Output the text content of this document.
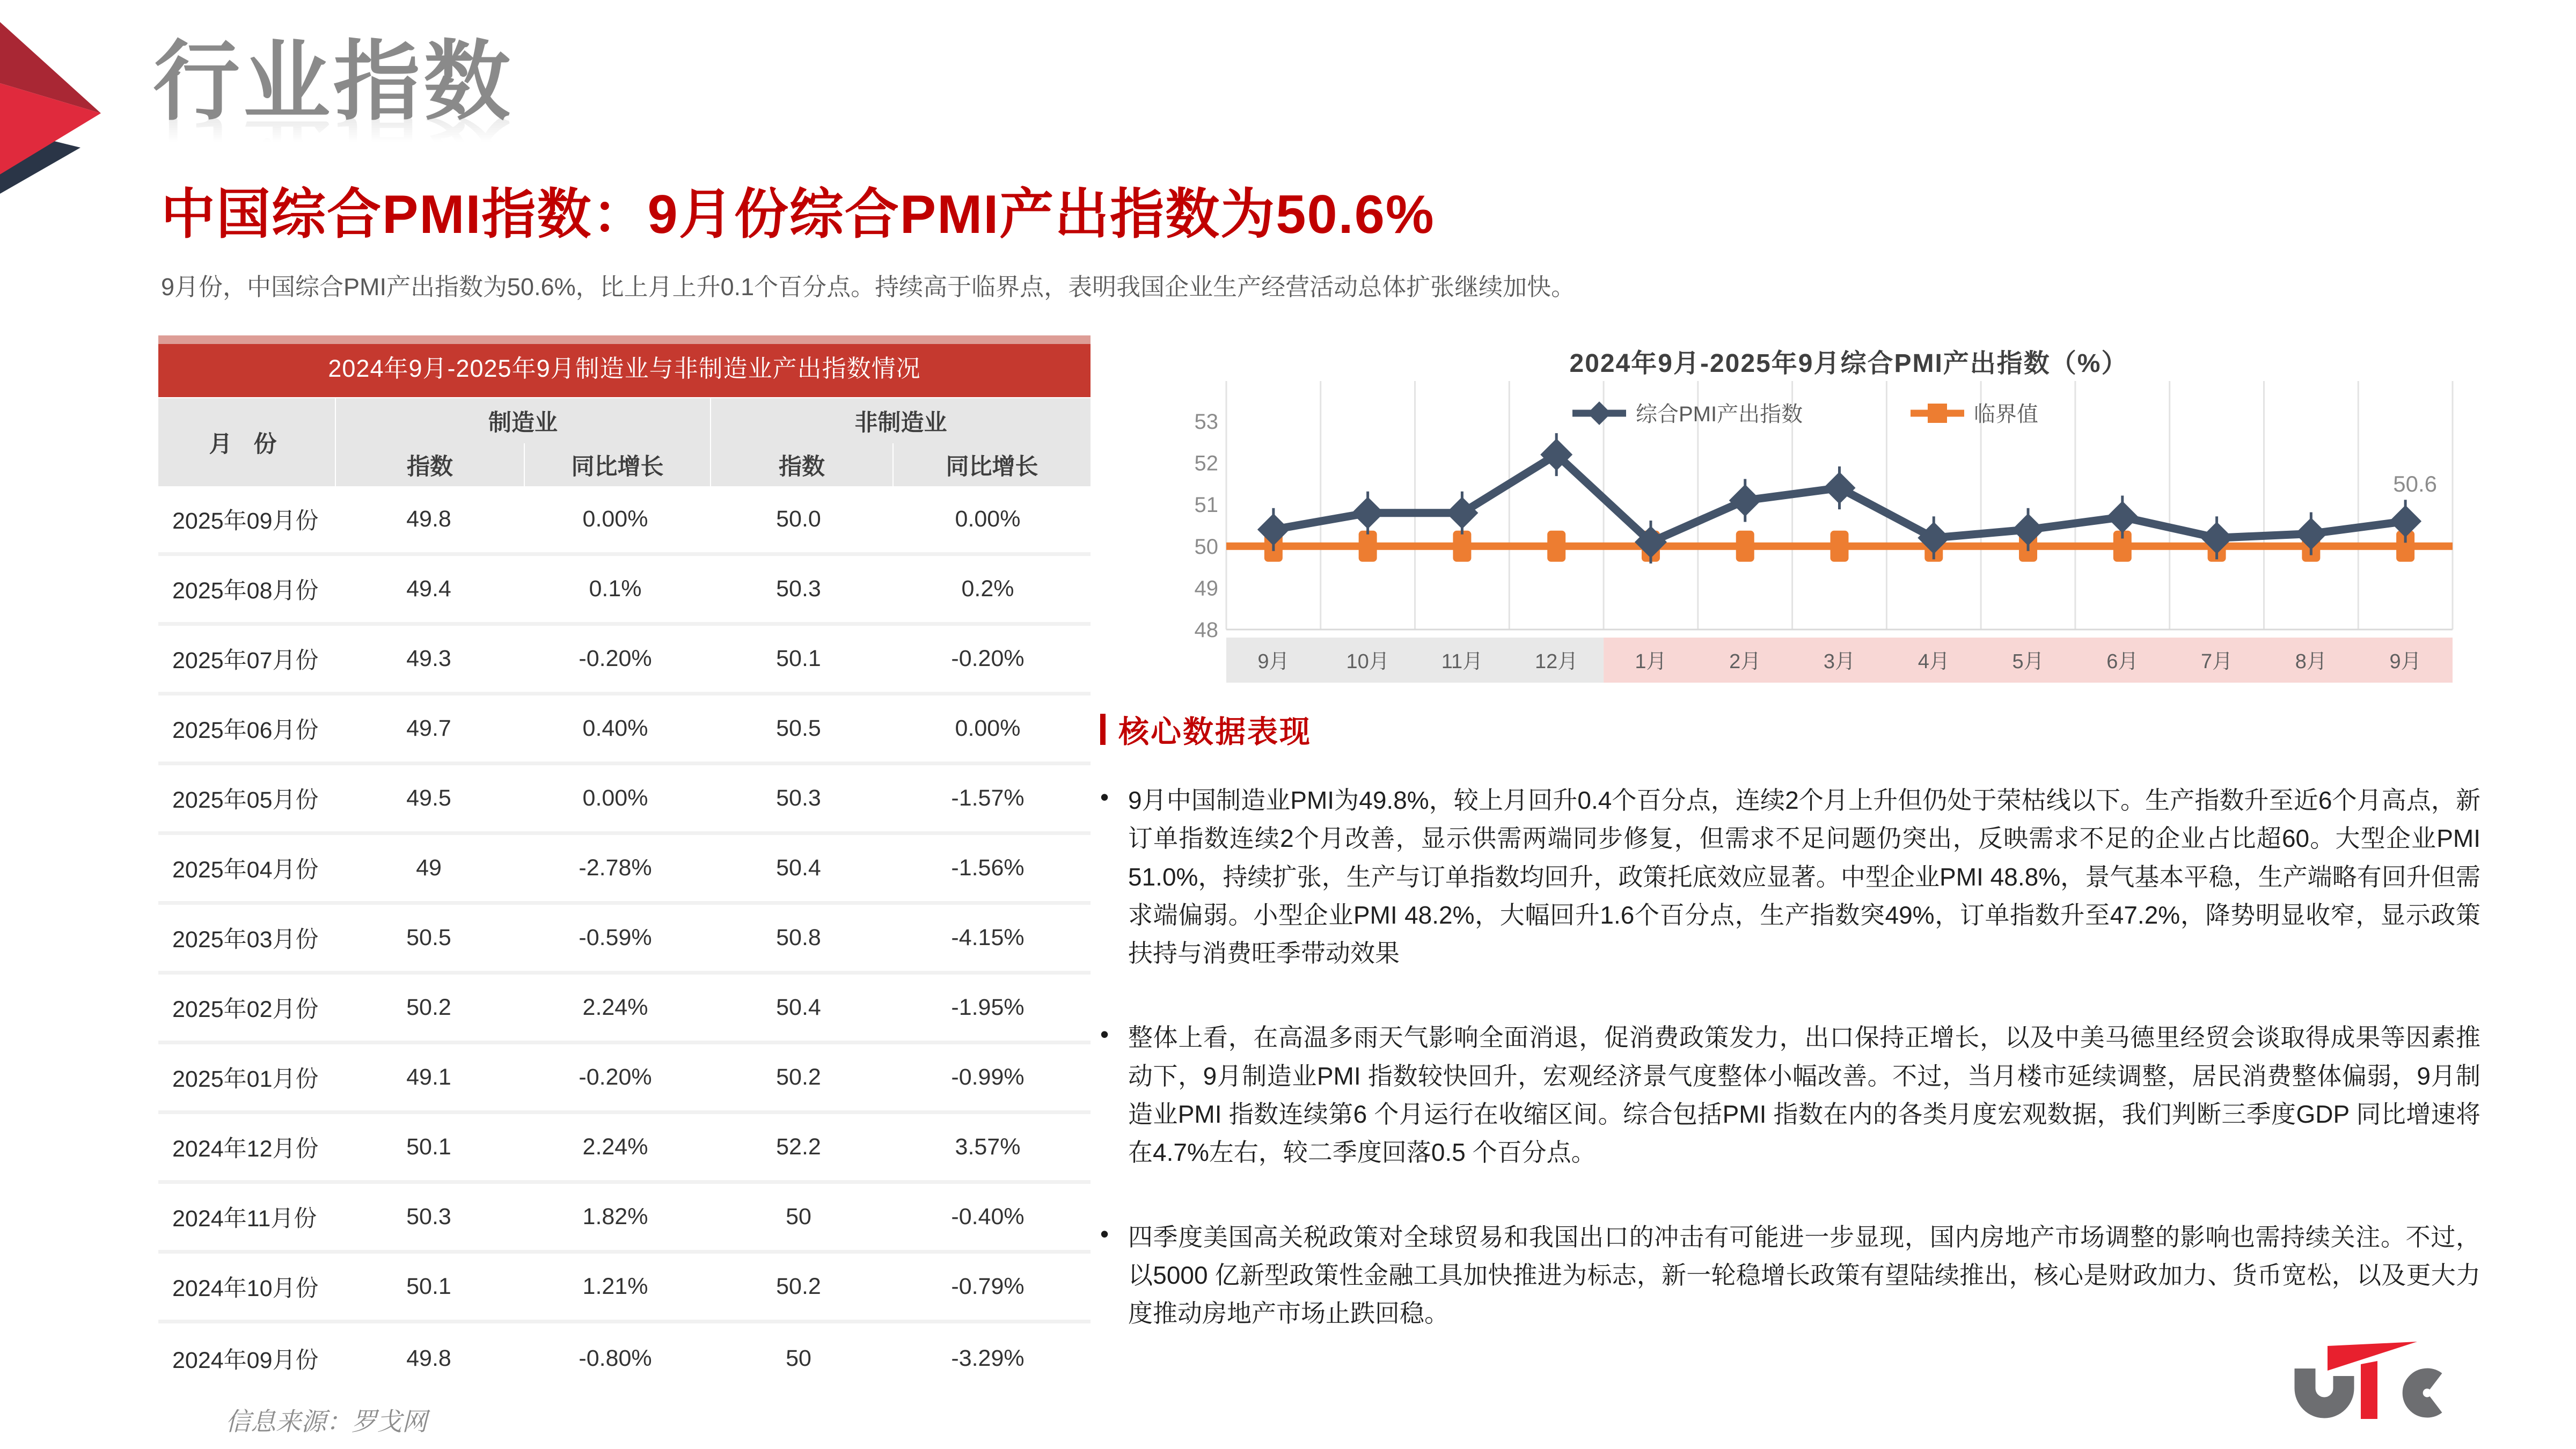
行业指数
中国综合PMI指数：9月份综合PMI产出指数为50.6%
9月份，中国综合PMI产出指数为50.6%，比上月上升0.1个百分点。持续高于临界点，表明我国企业生产经营活动总体扩张继续加快。
2024年9月-2025年9月制造业与非制造业产出指数情况
月 份
制造业	非制造业
指数	同比增长	指数	同比增长
2025年09月份	49.8	0.00%	50.0	0.00%
2025年08月份	49.4	0.1%	50.3	0.2%
2025年07月份	49.3	-0.20%	50.1	-0.20%
2025年06月份	49.7	0.40%	50.5	0.00%
2025年05月份	49.5	0.00%	50.3	-1.57%
2025年04月份	49	-2.78%	50.4	-1.56%
2025年03月份	50.5	-0.59%	50.8	-4.15%
2025年02月份	50.2	2.24%	50.4	-1.95%
2025年01月份	49.1	-0.20%	50.2	-0.99%
2024年12月份	50.1	2.24%	52.2	3.57%
2024年11月份	50.3	1.82%	50	-0.40%
2024年10月份	50.1	1.21%	50.2	-0.79%
2024年09月份	49.8	-0.80%	50	-3.29%
信息来源：罗戈网
2024年9月-2025年9月综合PMI产出指数（%）
48
49
50
51
52
53
9月	10月	11月	12月	1月	2月	3月	4月	5月	6月	7月	8月	9月
50.6
综合PMI产出指数	临界值
核心数据表现
• 9月中国制造业PMI为49.8%，较上月回升0.4个百分点，连续2个月上升但仍处于荣枯线以下。生产指数升至近6个月高点，新订单指数连续2个月改善，显示供需两端同步修复，但需求不足问题仍突出，反映需求不足的企业占比超60。大型企业PMI 51.0%，持续扩张，生产与订单指数均回升，政策托底效应显著。中型企业PMI 48.8%，景气基本平稳，生产端略有回升但需求端偏弱。小型企业PMI 48.2%，大幅回升1.6个百分点，生产指数突49%，订单指数升至47.2%，降势明显收窄，显示政策扶持与消费旺季带动效果
• 整体上看，在高温多雨天气影响全面消退，促消费政策发力，出口保持正增长，以及中美马德里经贸会谈取得成果等因素推动下，9月制造业PMI 指数较快回升，宏观经济景气度整体小幅改善。不过，当月楼市延续调整，居民消费整体偏弱，9月制造业PMI 指数连续第6 个月运行在收缩区间。综合包括PMI 指数在内的各类月度宏观数据，我们判断三季度GDP 同比增速将在4.7%左右，较二季度回落0.5 个百分点。
• 四季度美国高关税政策对全球贸易和我国出口的冲击有可能进一步显现，国内房地产市场调整的影响也需持续关注。不过，以5000 亿新型政策性金融工具加快推进为标志，新一轮稳增长政策有望陆续推出，核心是财政加力、货币宽松，以及更大力度推动房地产市场止跌回稳。
